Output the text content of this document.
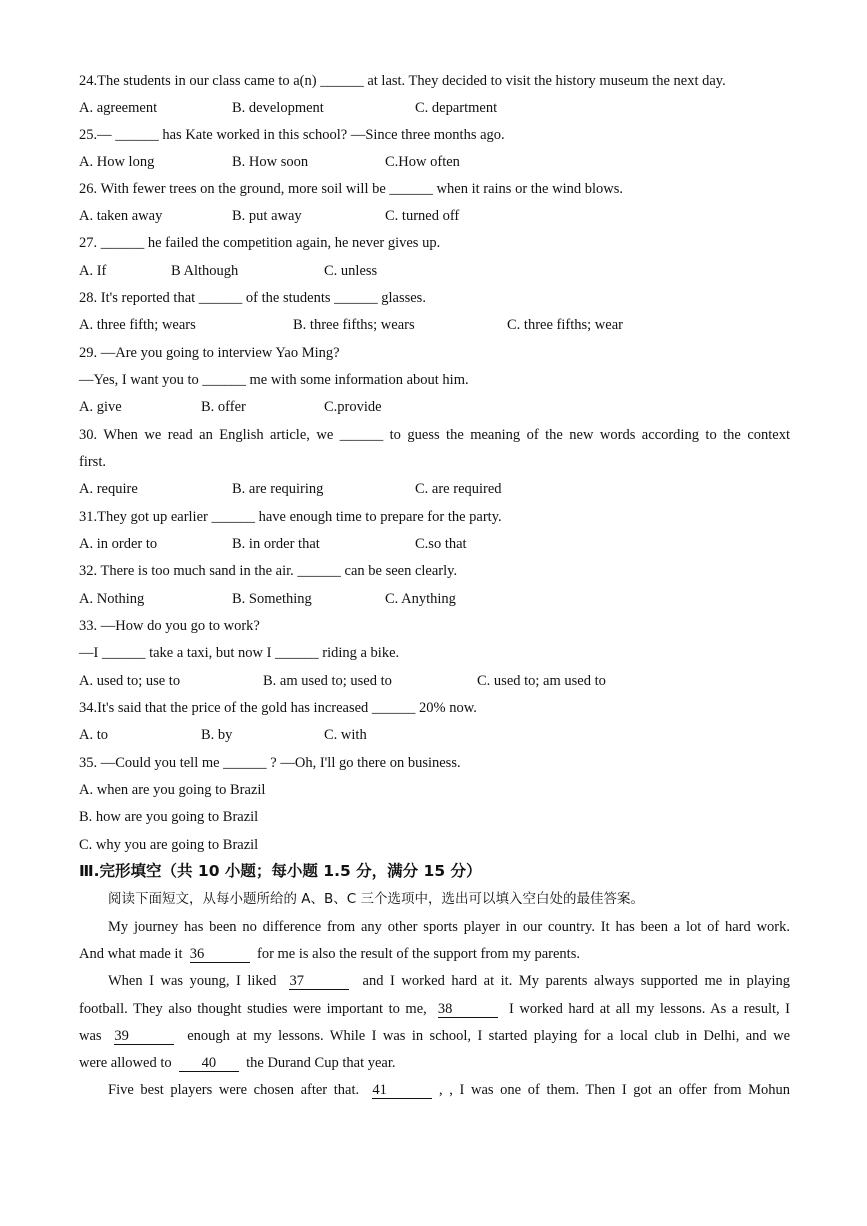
24.The students in our class came to a(n) ______ at last. They decided to visit the history museum the next day.
A. agreement	B. development	C. department
25.— ______ has Kate worked in this school? —Since three months ago.
A. How long	B. How soon	C.How often
26. With fewer trees on the ground, more soil will be ______ when it rains or the wind blows.
A. taken away	B. put away	C. turned off
27. ______ he failed the competition again, he never gives up.
A. If	B Although	C. unless
28. It's reported that ______ of the students ______ glasses.
A. three fifth; wears	B. three fifths; wears	C. three fifths; wear
29. —Are you going to interview Yao Ming?
—Yes, I want you to ______ me with some information about him.
A. give	B. offer	C.provide
30. When we read an English article, we ______ to guess the meaning of the new words according to the context
first.
A. require	B. are requiring	C. are required
31.They got up earlier ______ have enough time to prepare for the party.
A. in order to	B. in order that	C.so that
32. There is too much sand in the air. ______ can be seen clearly.
A. Nothing	B. Something	C. Anything
33. —How do you go to work?
—I ______ take a taxi, but now I ______ riding a bike.
A. used to; use to	B. am used to; used to	C. used to; am used to
34.It's said that the price of the gold has increased ______ 20% now.
A. to	B. by	C. with
35. —Could you tell me ______ ? —Oh, I'll go there on business.
A. when are you going to Brazil
B. how are you going to Brazil
C. why you are going to Brazil
Ⅲ.完形填空（共 10 小题；每小题 1.5 分，满分 15 分）
阅读下面短文，从每小题所给的 A、B、C 三个选项中，选出可以填入空白处的最佳答案。
My journey has been no difference from any other sports player in our country. It has been a lot of hard work.
And what made it 36	for me is also the result of the support from my parents.
When I was young, I liked 37	and I worked hard at it. My parents always supported me in playing
football. They also thought studies were important to me, 38	I worked hard at all my lessons. As a result, I
was 39	enough at my lessons. While I was in school, I started playing for a local club in Delhi, and we
were allowed to 40 the Durand Cup that year.
Five best players were chosen after that. 41	, , I was one of them. Then I got an offer from Mohun
